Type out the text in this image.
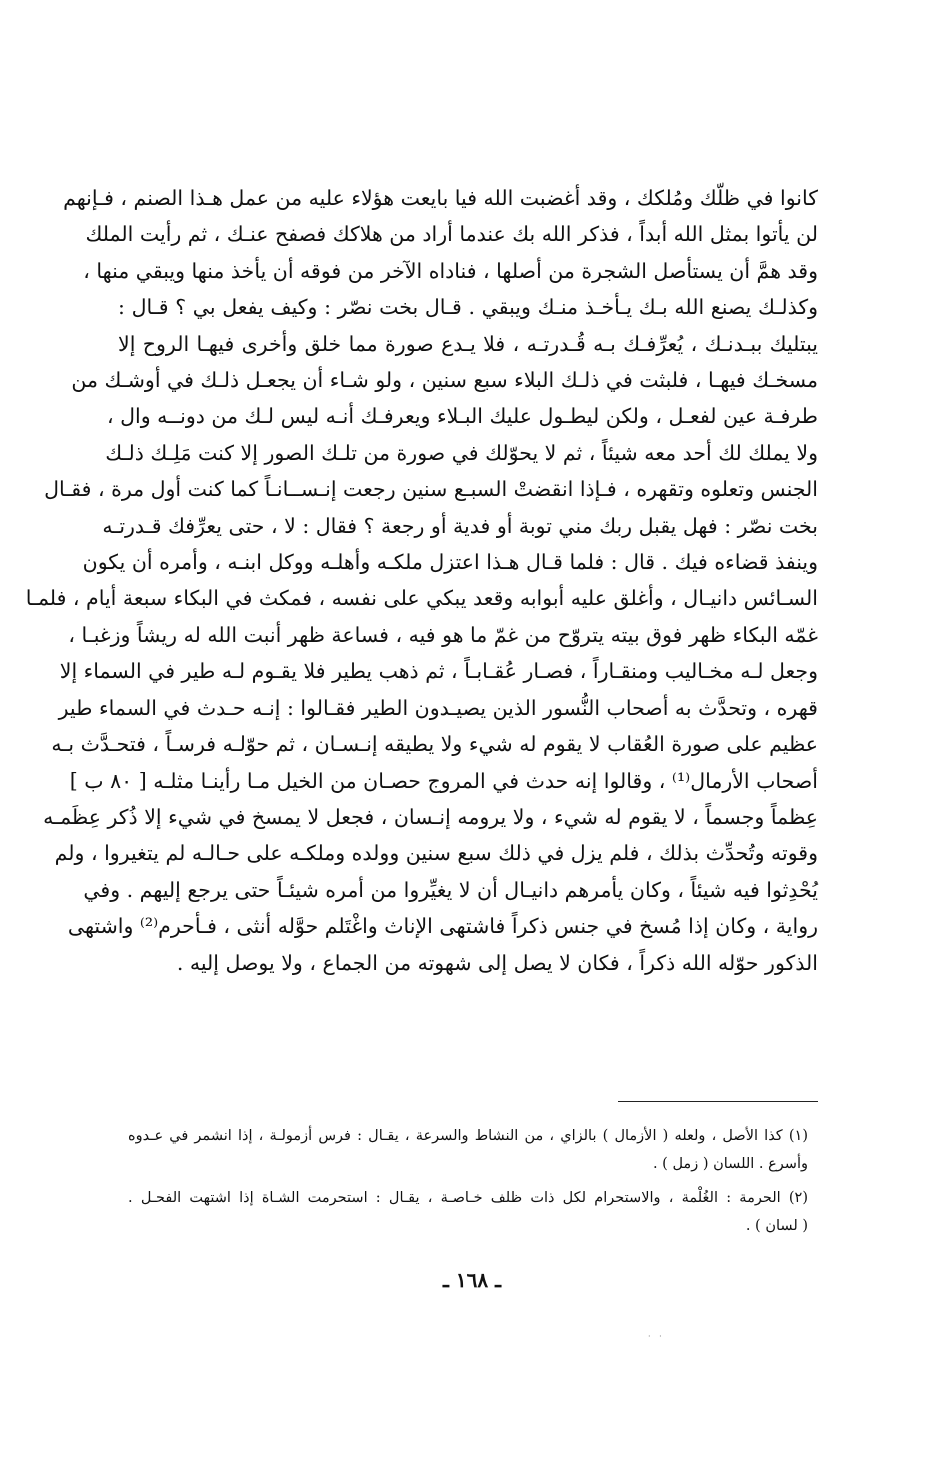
كانوا في ظلّك ومُلكك ، وقد أغضبت الله فيا بايعت هؤلاء عليه من عمل هـذا الصنم ، فـإنهم
لن يأتوا بمثل الله أبداً ، فذكر الله بك عندما أراد من هلاكك فصفح عنـك ، ثم رأيت الملك
وقد همَّ أن يستأصل الشجرة من أصلها ، فناداه الآخر من فوقه أن يأخذ منها ويبقي منها ،
وكذلـك يصنع الله بـك يـأخـذ منـك ويبقي . قـال بخت نصّر : وكيف يفعل بي ؟ قـال :
يبتليك ببـدنـك ، يُعرِّفـك بـه قُـدرتـه ، فلا يـدع صورة مما خلق وأخرى فيهـا الروح إلا
مسخـك فيهـا ، فلبثت في ذلـك البلاء سبع سنين ، ولو شـاء أن يجعـل ذلـك في أوشـك من
طرفـة عين لفعـل ، ولكن ليطـول عليك البـلاء ويعرفـك أنـه ليس لـك من دونــه وال ،
ولا يملك لك أحد معه شيئاً ، ثم لا يحوّلك في صورة من تلـك الصور إلا كنت مَلِـك ذلـك
الجنس وتعلوه وتقهره ، فـإذا انقضتْ السبـع سنين رجعت إنـســانـاً كما كنت أول مرة ، فقـال
بخت نصّر : فهل يقبل ربك مني توبة أو فدية أو رجعة ؟ فقال : لا ، حتى يعرِّفك قـدرتـه
وينفذ قضاءه فيك . قال : فلما قـال هـذا اعتزل ملكـه وأهلـه ووكل ابنـه ، وأمره أن يكون
السـائس دانيـال ، وأغلق عليه أبوابه وقعد يبكي على نفسه ، فمكث في البكاء سبعة أيام ، فلمـا
غمّه البكاء ظهر فوق بيته يتروّح من غمّ ما هو فيه ، فساعة ظهر أنبت الله له ريشاً وزغبـا ،
وجعل لـه مخـاليب ومنقـاراً ، فصـار عُقـابـاً ، ثم ذهب يطير فلا يقـوم لـه طير في السماء إلا
قهره ، وتحدَّث به أصحاب النُّسور الذين يصيـدون الطير فقـالوا : إنـه حـدث في السماء طير
عظيم على صورة العُقاب لا يقوم له شيء ولا يطيقه إنـسـان ، ثم حوّلـه فرسـاً ، فتحـدَّث بـه
أصحاب الأرمال⁽¹⁾ ، وقالوا إنه حدث في المروج حصـان من الخيل مـا رأينـا مثلـه [ ٨٠ ب ]
عِظماً وجسماً ، لا يقوم له شيء ، ولا يرومه إنـسان ، فجعل لا يمسخ في شيء إلا ذُكر عِظَمـه
وقوته وتُحدِّث بذلك ، فلم يزل في ذلك سبع سنين وولده وملكـه على حـالـه لم يتغيروا ، ولم
يُحْدِثوا فيه شيئاً ، وكان يأمرهم دانيـال أن لا يغيِّروا من أمره شيئـاً حتى يرجع إليهم . وفي
رواية ، وكان إذا مُسخ في جنس ذكراً فاشتهى الإناث واغْتَلم حوَّله أنثى ، فـأحرم⁽²⁾ واشتهى
الذكور حوّله الله ذكراً ، فكان لا يصل إلى شهوته من الجماع ، ولا يوصل إليه .
(١) كذا الأصل ، ولعله ( الأزمال ) بالزاي ، من النشاط والسرعة ، يقـال : فرس أزمولـة ، إذا انشمر في عـدوه
وأسرع . اللسان ( زمل ) .
(٢) الحرمة : الغُلْمة ، والاستحرام لكل ذات ظلف خـاصـة ، يقـال : استحرمت الشـاة إذا اشتهت الفحـل .
( لسان ) .
ـ ١٦٨ ـ
· ·
